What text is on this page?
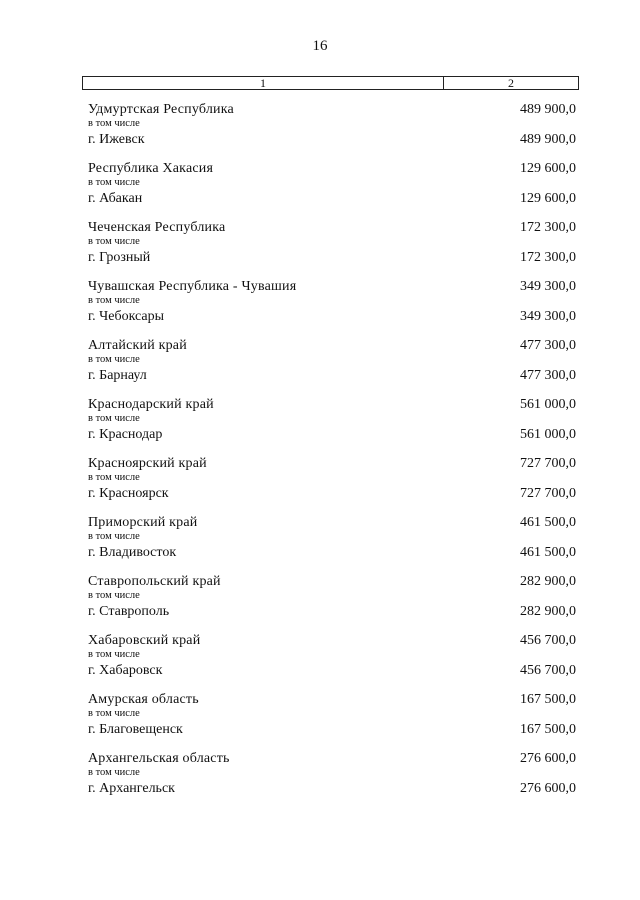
16
1	2
Удмуртская Республика	489 900,0
в том числе
г. Ижевск	489 900,0
Республика Хакасия	129 600,0
в том числе
г. Абакан	129 600,0
Чеченская Республика	172 300,0
в том числе
г. Грозный	172 300,0
Чувашская Республика - Чувашия	349 300,0
в том числе
г. Чебоксары	349 300,0
Алтайский край	477 300,0
в том числе
г. Барнаул	477 300,0
Краснодарский край	561 000,0
в том числе
г. Краснодар	561 000,0
Красноярский край	727 700,0
в том числе
г. Красноярск	727 700,0
Приморский край	461 500,0
в том числе
г. Владивосток	461 500,0
Ставропольский край	282 900,0
в том числе
г. Ставрополь	282 900,0
Хабаровский край	456 700,0
в том числе
г. Хабаровск	456 700,0
Амурская область	167 500,0
в том числе
г. Благовещенск	167 500,0
Архангельская область	276 600,0
в том числе
г. Архангельск	276 600,0
